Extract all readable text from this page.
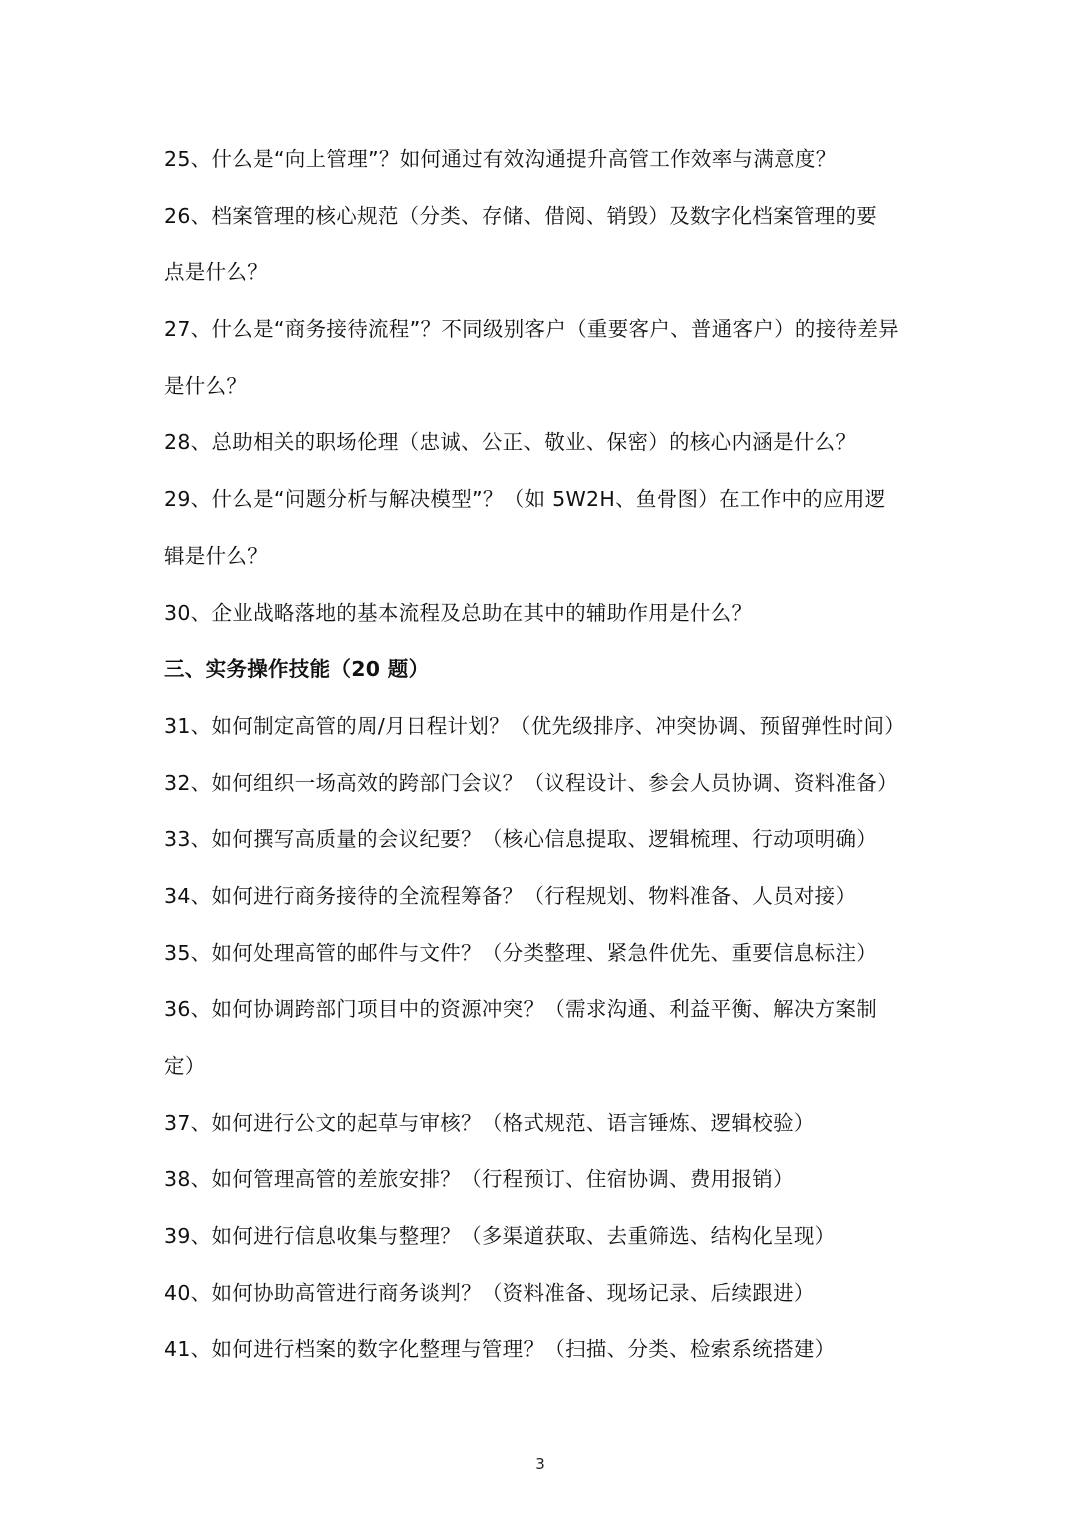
25、什么是“向上管理”？如何通过有效沟通提升高管工作效率与满意度？
26、档案管理的核心规范（分类、存储、借阅、销毁）及数字化档案管理的要
点是什么？
27、什么是“商务接待流程”？不同级别客户（重要客户、普通客户）的接待差异
是什么？
28、总助相关的职场伦理（忠诚、公正、敬业、保密）的核心内涵是什么？
29、什么是“问题分析与解决模型”？（如 5W2H、鱼骨图）在工作中的应用逻
辑是什么？
30、企业战略落地的基本流程及总助在其中的辅助作用是什么？
三、实务操作技能（20 题）
31、如何制定高管的周/月日程计划？（优先级排序、冲突协调、预留弹性时间）
32、如何组织一场高效的跨部门会议？（议程设计、参会人员协调、资料准备）
33、如何撰写高质量的会议纪要？（核心信息提取、逻辑梳理、行动项明确）
34、如何进行商务接待的全流程筹备？（行程规划、物料准备、人员对接）
35、如何处理高管的邮件与文件？（分类整理、紧急件优先、重要信息标注）
36、如何协调跨部门项目中的资源冲突？（需求沟通、利益平衡、解决方案制
定）
37、如何进行公文的起草与审核？（格式规范、语言锤炼、逻辑校验）
38、如何管理高管的差旅安排？（行程预订、住宿协调、费用报销）
39、如何进行信息收集与整理？（多渠道获取、去重筛选、结构化呈现）
40、如何协助高管进行商务谈判？（资料准备、现场记录、后续跟进）
41、如何进行档案的数字化整理与管理？（扫描、分类、检索系统搭建）
3
